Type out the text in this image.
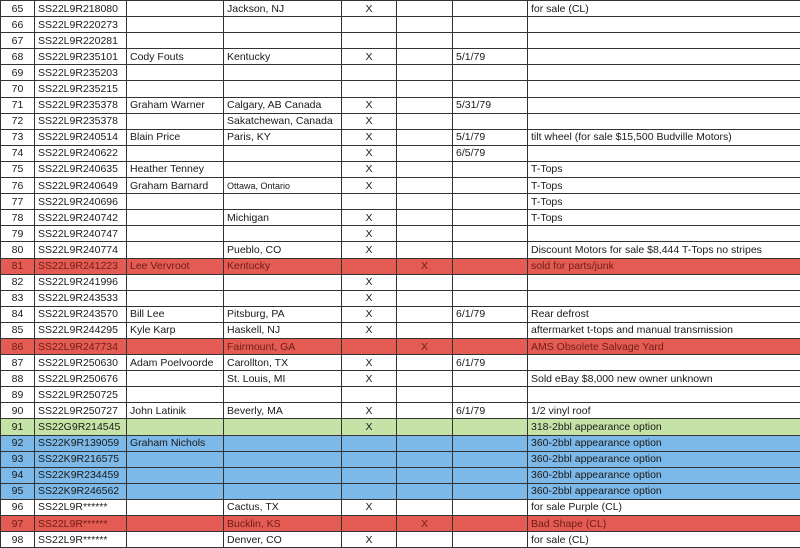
65	SS22L9R218080		Jackson, NJ	X			for sale (CL)
66	SS22L9R220273						
67	SS22L9R220281						
68	SS22L9R235101	Cody Fouts	Kentucky	X		5/1/79	
69	SS22L9R235203						
70	SS22L9R235215						
71	SS22L9R235378	Graham Warner	Calgary, AB Canada	X		5/31/79	
72	SS22L9R235378		Sakatchewan, Canada	X			
73	SS22L9R240514	Blain Price	Paris, KY	X		5/1/79	tilt wheel (for sale $15,500 Budville Motors)
74	SS22L9R240622			X		6/5/79	
75	SS22L9R240635	Heather Tenney		X			T-Tops
76	SS22L9R240649	Graham Barnard	Ottawa, Ontario	X			T-Tops
77	SS22L9R240696						T-Tops
78	SS22L9R240742		Michigan	X			T-Tops
79	SS22L9R240747			X			
80	SS22L9R240774		Pueblo, CO	X			Discount Motors for sale $8,444 T-Tops no stripes
81	SS22L9R241223	Lee Vervroot	Kentucky		X		sold for parts/junk
82	SS22L9R241996			X			
83	SS22L9R243533			X			
84	SS22L9R243570	Bill Lee	Pitsburg, PA	X		6/1/79	Rear defrost
85	SS22L9R244295	Kyle Karp	Haskell, NJ	X			aftermarket t-tops and manual transmission
86	SS22L9R247734		Fairmount, GA		X		AMS Obsolete Salvage Yard
87	SS22L9R250630	Adam Poelvoorde	Carollton, TX	X		6/1/79	
88	SS22L9R250676		St. Louis, MI	X			Sold eBay $8,000 new owner unknown
89	SS22L9R250725						
90	SS22L9R250727	John Latinik	Beverly, MA	X		6/1/79	1/2 vinyl roof
91	SS22G9R214545			X			318-2bbl appearance option
92	SS22K9R139059	Graham Nichols					360-2bbl appearance option
93	SS22K9R216575						360-2bbl appearance option
94	SS22K9R234459						360-2bbl appearance option
95	SS22K9R246562						360-2bbl appearance option
96	SS22L9R******		Cactus, TX	X			for sale Purple (CL)
97	SS22L9R******		Bucklin, KS		X		Bad Shape (CL)
98	SS22L9R******		Denver, CO	X			for sale (CL)
